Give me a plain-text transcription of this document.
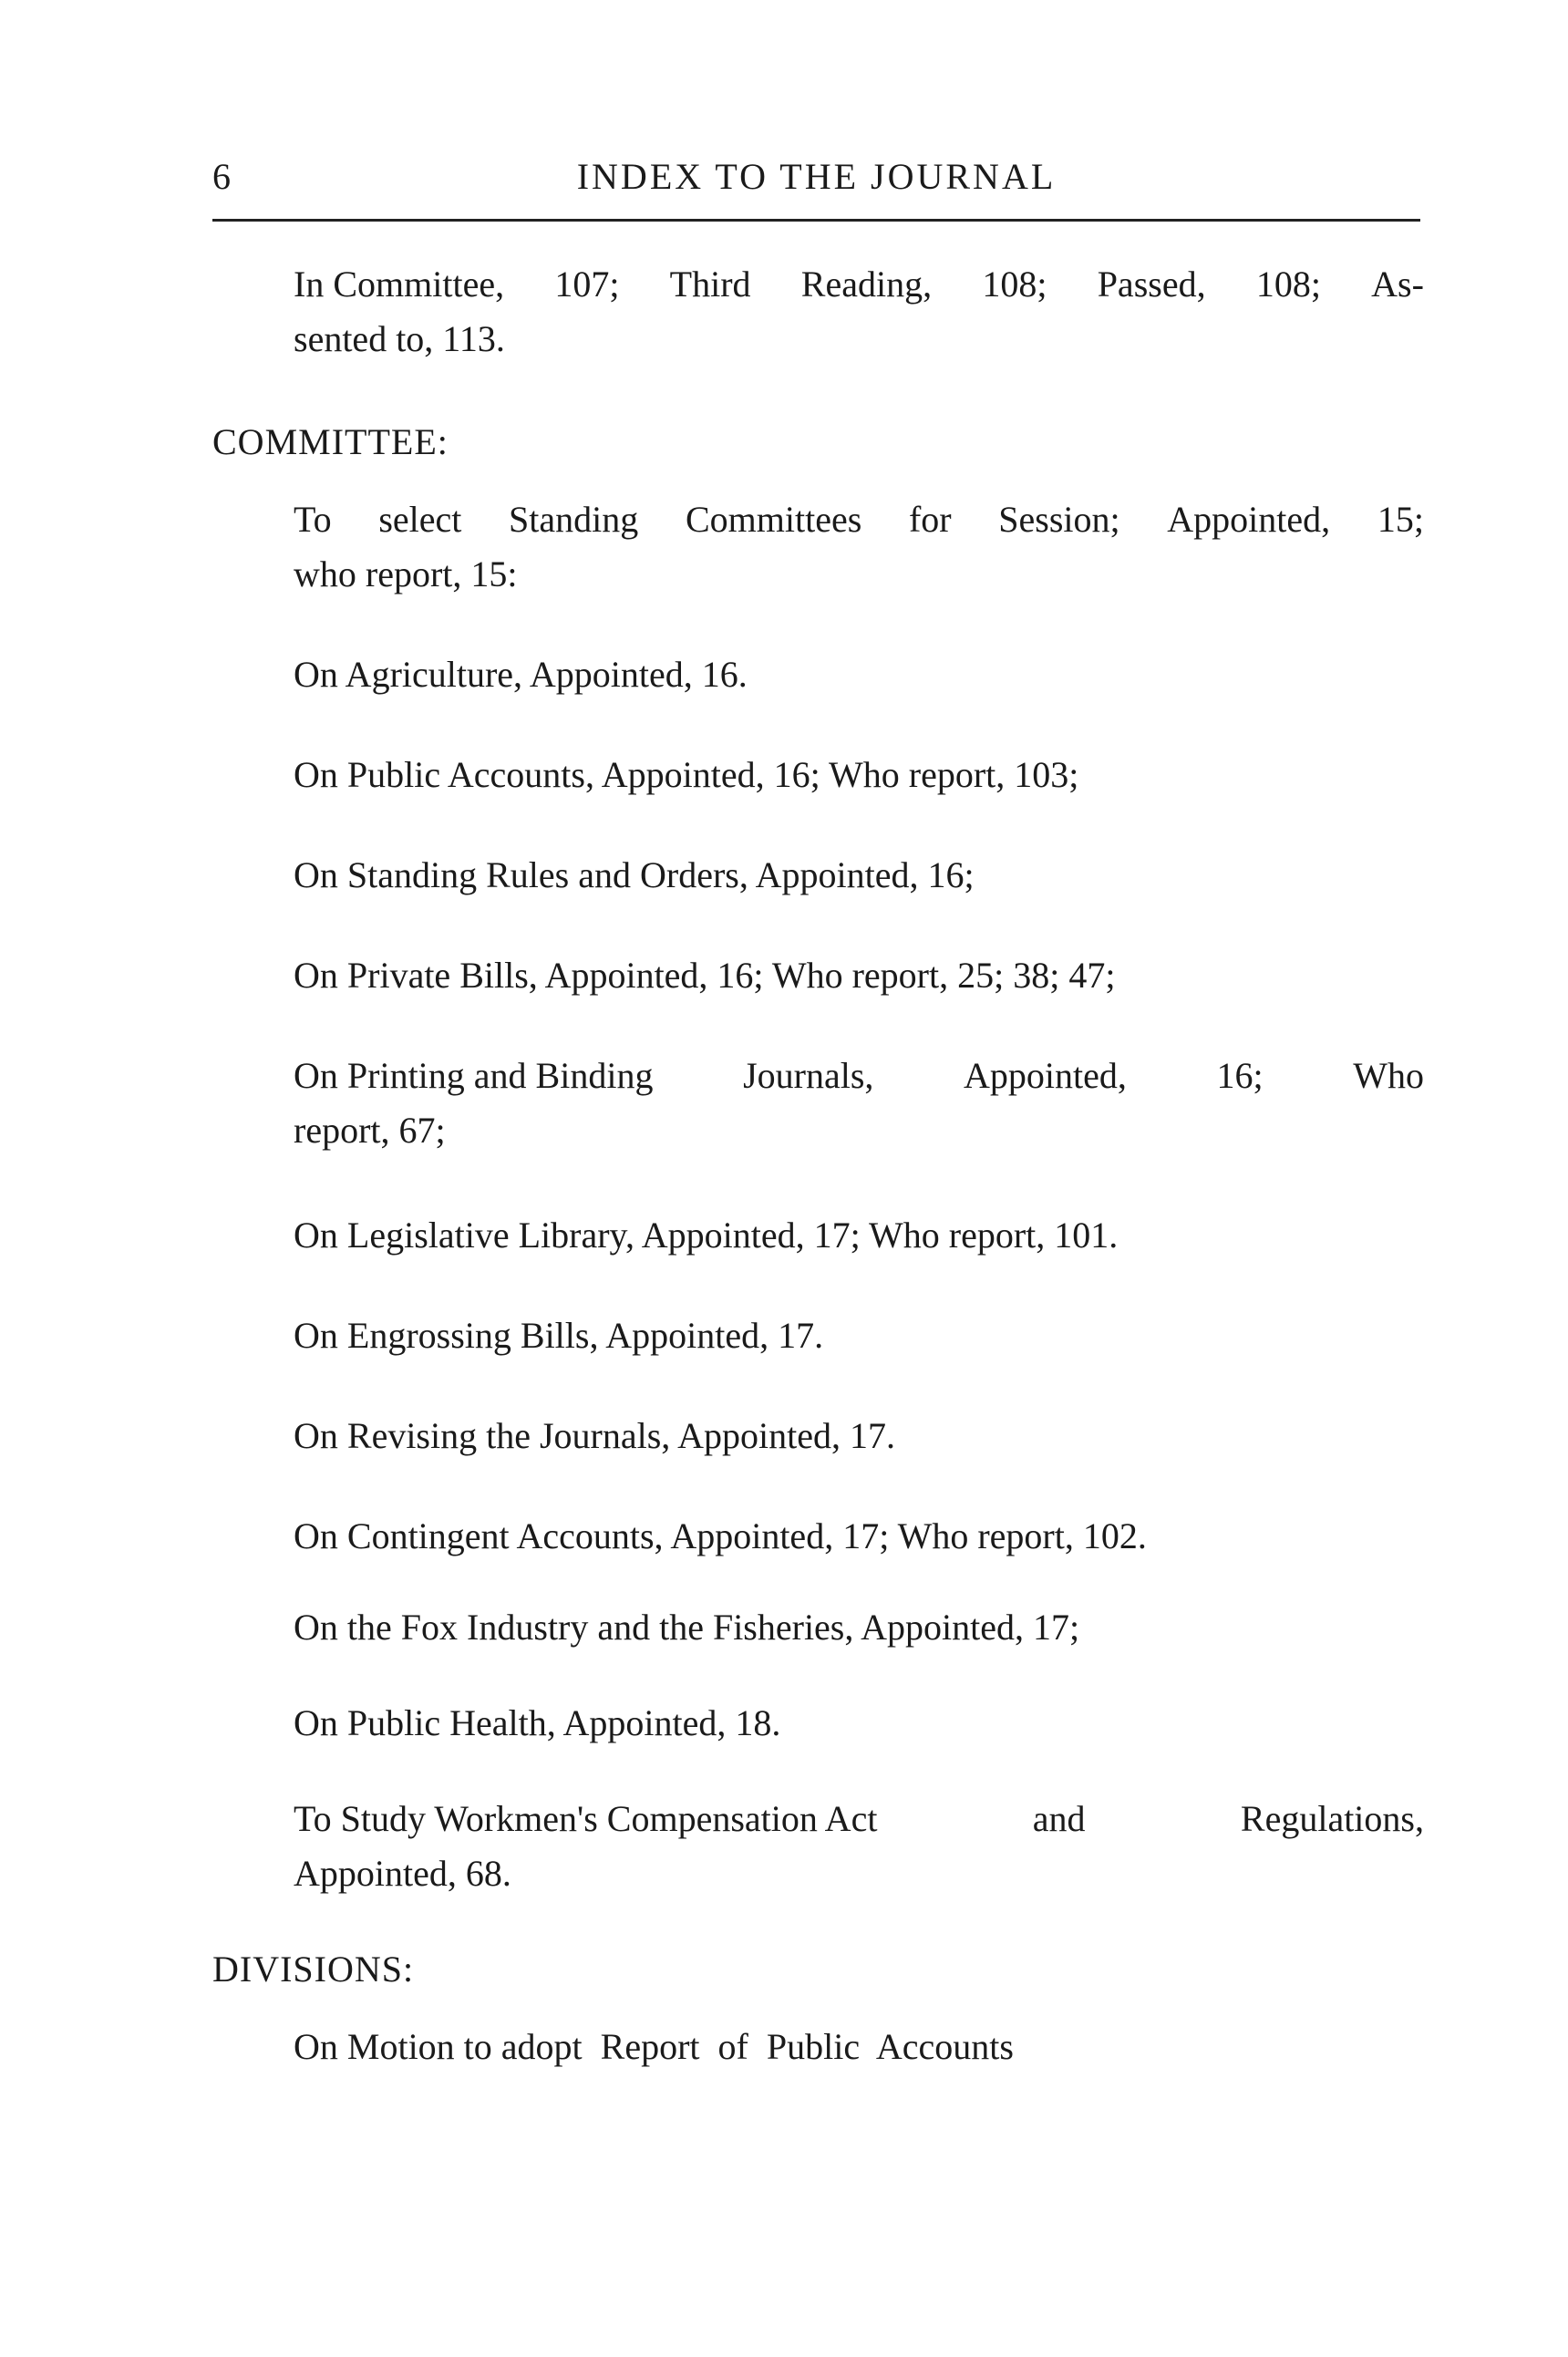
6	INDEX TO THE JOURNAL
In Committee, 107; Third Reading, 108; Passed, 108; As-
sented to, 113.
COMMITTEE:
To select Standing Committees for Session; Appointed, 15;
who report, 15:
On Agriculture, Appointed, 16.
On Public Accounts, Appointed, 16; Who report, 103;
On Standing Rules and Orders, Appointed, 16;
On Private Bills, Appointed, 16; Who report, 25; 38; 47;
On Printing and Binding Journals, Appointed, 16; Who
report, 67;
On Legislative Library, Appointed, 17; Who report, 101.
On Engrossing Bills, Appointed, 17.
On Revising the Journals, Appointed, 17.
On Contingent Accounts, Appointed, 17; Who report, 102.
On the Fox Industry and the Fisheries, Appointed, 17;
On Public Health, Appointed, 18.
To Study Workmen's Compensation Act	and	Regulations,
Appointed, 68.
DIVISIONS:
On Motion to adopt  Report  of  Public  Accounts
